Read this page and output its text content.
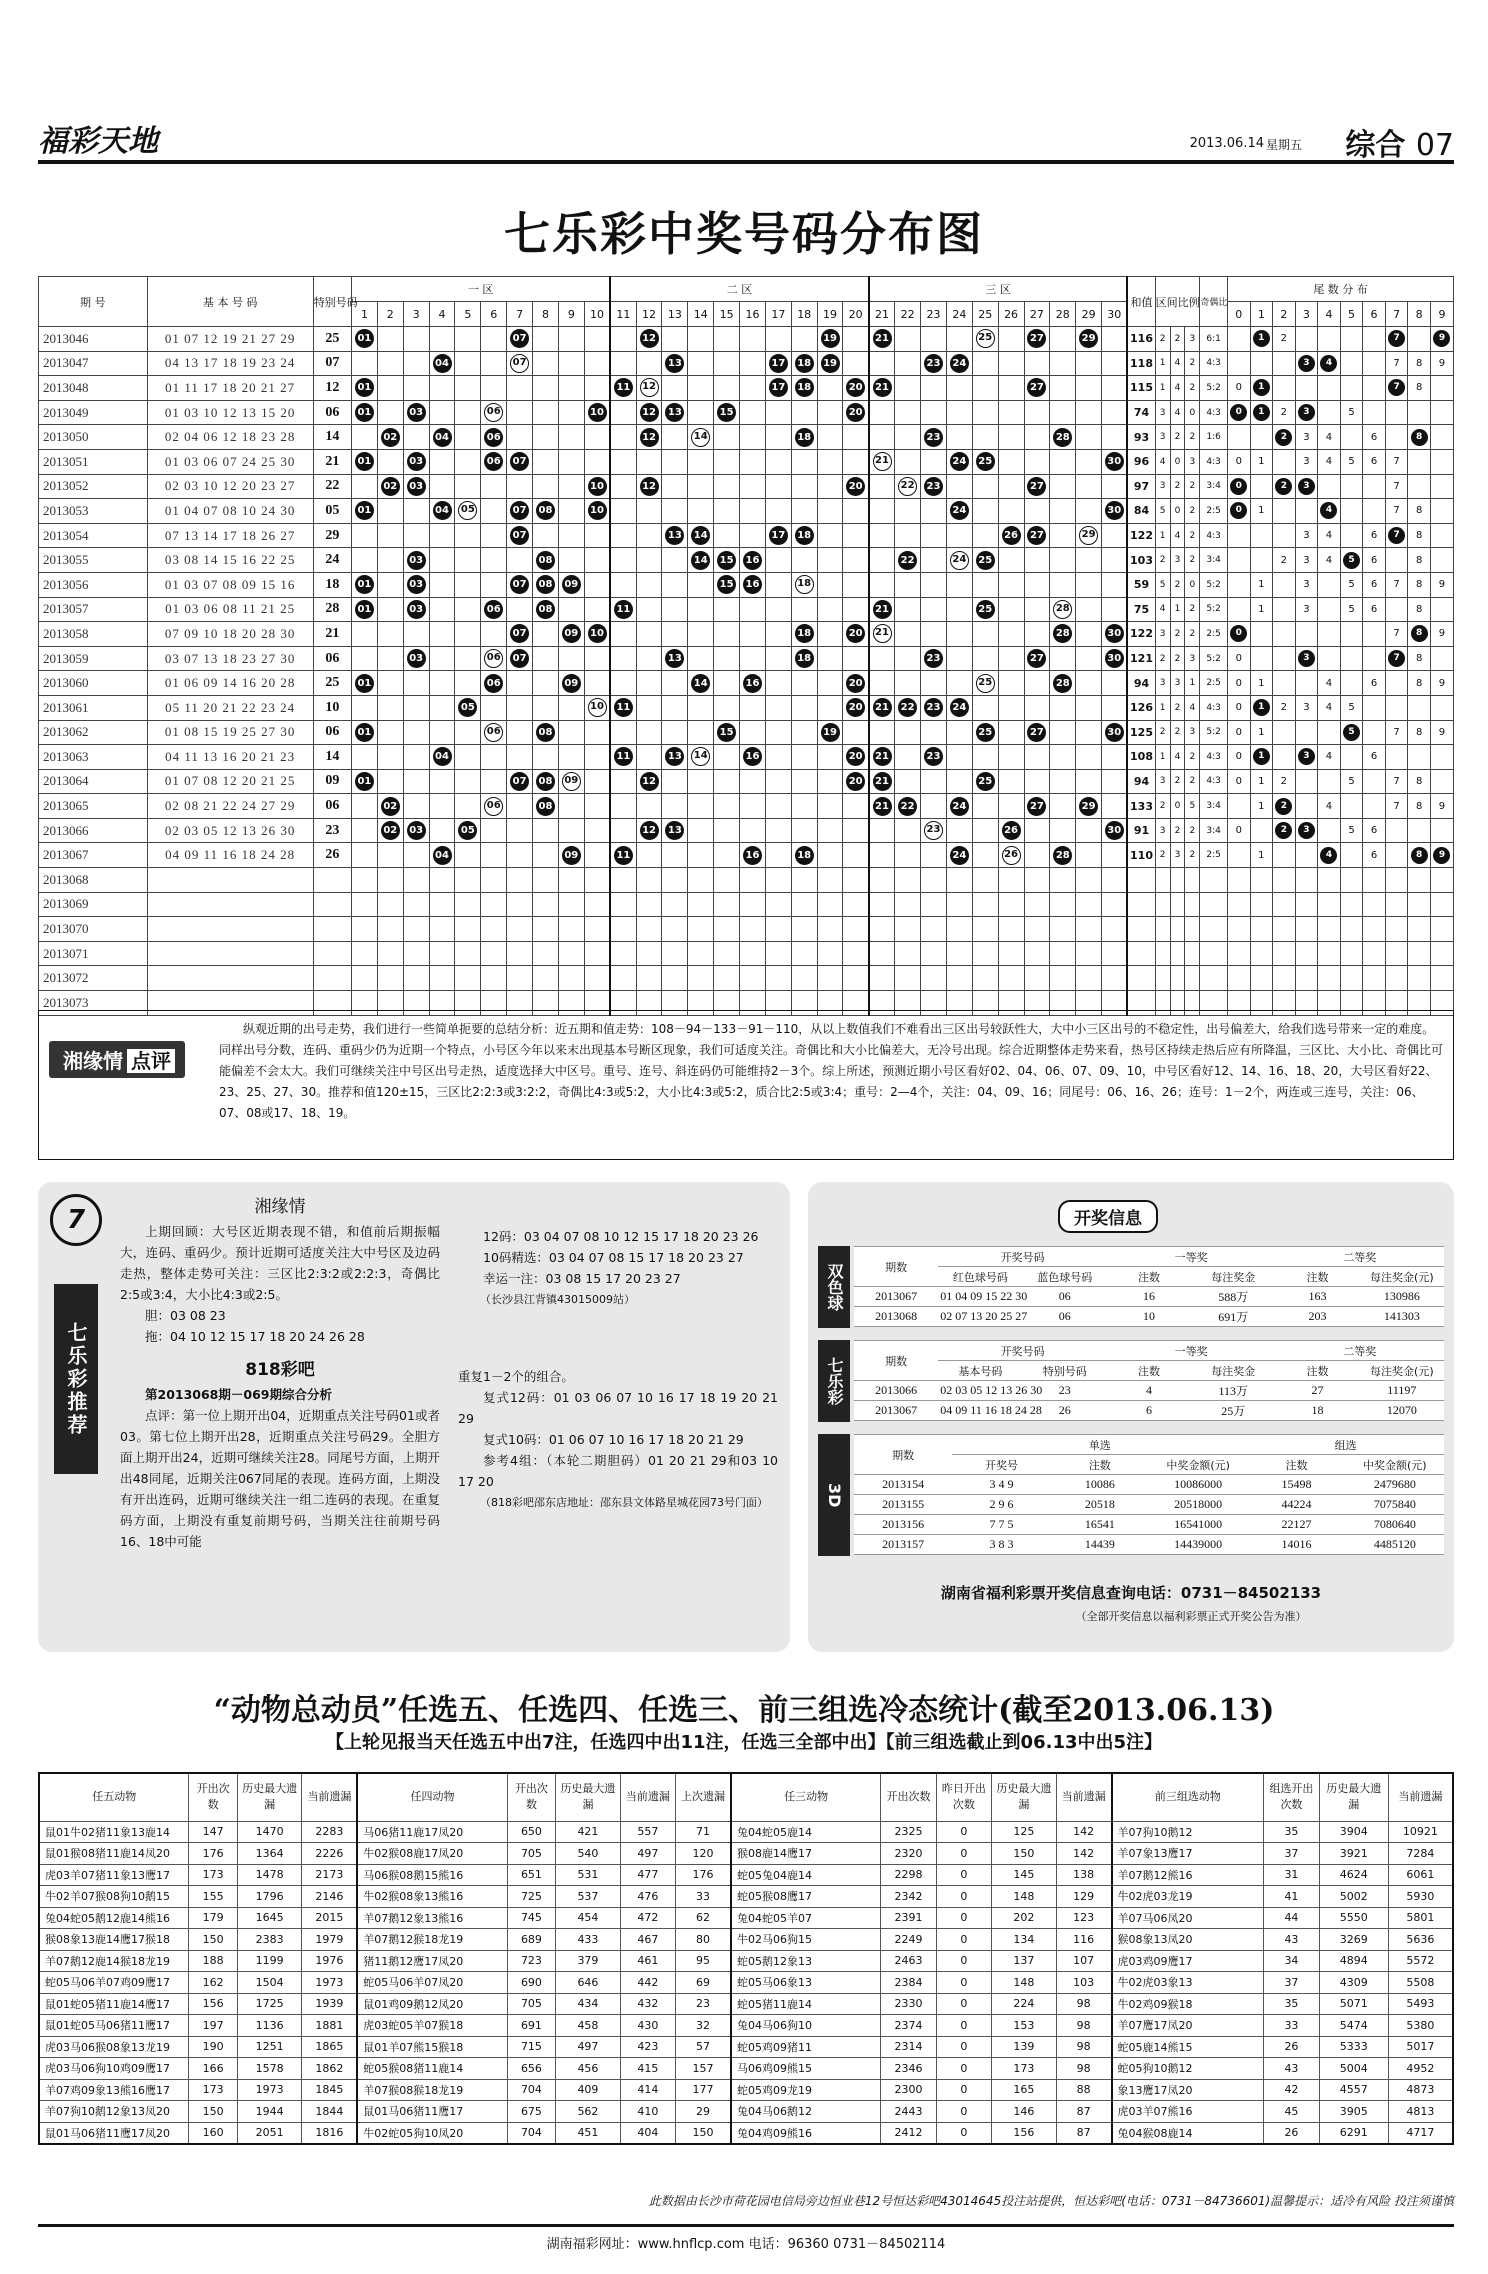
福彩天地	2013.06.14 星期五 综合 07
七乐彩中奖号码分布图
期 号	基 本 号 码	特别号码	一 区										二 区										三 区										和值	区间比例			奇偶比	尾 数 分 布									
			1	2	3	4	5	6	7	8	9	10	11	12	13	14	15	16	17	18	19	20	21	22	23	24	25	26	27	28	29	30						0	1	2	3	4	5	6	7	8	9
2013046	01 07 12 19 21 27 29	25	01						07					12							19		21				25		27		29		116	2	2	3	6:1		1	2					7		9
2013047	04 13 17 18 19 23 24	07				04			07						13				17	18	19				23	24							118	1	4	2	4:3				3	4			7	8	9
2013048	01 11 17 18 20 21 27	12	01										11	12					17	18		20	21						27				115	1	4	2	5:2	0	1						7	8	
2013049	01 03 10 12 13 15 20	06	01		03			06				10		12	13		15					20											74	3	4	0	4:3	0	1	2	3		5				
2013050	02 04 06 12 18 23 28	14		02		04		06						12		14				18					23					28			93	3	2	2	1:6			2	3	4		6		8	
2013051	01 03 06 07 24 25 30	21	01		03			06	07														21			24	25					30	96	4	0	3	4:3	0	1		3	4	5	6	7		
2013052	02 03 10 12 20 23 27	22		02	03							10		12								20		22	23				27				97	3	2	2	3:4	0		2	3				7		
2013053	01 04 07 08 10 24 30	05	01			04	05		07	08		10														24						30	84	5	0	2	2:5	0	1			4			7	8	
2013054	07 13 14 17 18 26 27	29							07						13	14			17	18								26	27		29		122	1	4	2	4:3				3	4		6	7	8	
2013055	03 08 14 15 16 22 25	24			03					08						14	15	16						22		24	25						103	2	3	2	3:4			2	3	4	5	6		8	
2013056	01 03 07 08 09 15 16	18	01		03				07	08	09						15	16		18													59	5	2	0	5:2		1		3		5	6	7	8	9
2013057	01 03 06 08 11 21 25	28	01		03			06		08			11										21				25			28			75	4	1	2	5:2		1		3		5	6		8	
2013058	07 09 10 18 20 28 30	21							07		09	10								18		20	21							28		30	122	3	2	2	2:5	0							7	8	9
2013059	03 07 13 18 23 27 30	06			03			06	07						13					18					23				27			30	121	2	2	3	5:2	0			3				7	8	
2013060	01 06 09 14 16 20 28	25	01					06			09					14		16				20					25			28			94	3	3	1	2:5	0	1			4		6		8	9
2013061	05 11 20 21 22 23 24	10					05					10	11									20	21	22	23	24							126	1	2	4	4:3	0	1	2	3	4	5				
2013062	01 08 15 19 25 27 30	06	01					06		08							15				19						25		27			30	125	2	2	3	5:2	0	1				5		7	8	9
2013063	04 11 13 16 20 21 23	14				04							11		13	14		16				20	21		23								108	1	4	2	4:3	0	1		3	4		6			
2013064	01 07 08 12 20 21 25	09	01						07	08	09			12								20	21				25						94	3	2	2	4:3	0	1	2			5		7	8	
2013065	02 08 21 22 24 27 29	06		02				06		08													21	22		24			27		29		133	2	0	5	3:4		1	2		4			7	8	9
2013066	02 03 05 12 13 26 30	23		02	03		05							12	13										23			26				30	91	3	2	2	3:4	0		2	3		5	6			
2013067	04 09 11 16 18 24 28	26				04					09		11					16		18						24		26		28			110	2	3	2	2:5		1			4		6		8	9
2013068																																															
2013069																																															
2013070																																															
2013071																																															
2013072																																															
2013073																																															
湘缘情 点评
纵观近期的出号走势，我们进行一些简单扼要的总结分析：近五期和值走势：108－94－133－91－110，从以上数值我们不难看出三区出号较跃性大，大中小三区出号的不稳定性，出号偏差大，给我们选号带来一定的难度。同样出号分数，连码、重码少仍为近期一个特点，小号区今年以来末出现基本号断区现象，我们可适度关注。奇偶比和大小比偏差大，无冷号出现。综合近期整体走势来看，热号区持续走热后应有所降温，三区比、大小比、奇偶比可能偏差不会太大。我们可继续关注中号区出号走热，适度选择大中区号。重号、连号、斜连码仍可能维持2－3个。综上所述，预测近期小号区看好02、04、06、07、09、10，中号区看好12、14、16、18、20，大号区看好22、23、25、27、30。推荐和值120±15，三区比2:2:3或3:2:2，奇偶比4:3或5:2，大小比4:3或5:2，质合比2:5或3:4；重号：2—4个，关注：04、09、16；同尾号：06、16、26；连号：1－2个，两连或三连号，关注：06、07、08或17、18、19。
7
七乐彩推荐
湘缘情
上期回顾：大号区近期表现不错，和值前后期振幅大，连码、重码少。预计近期可适度关注大中号区及边码走热，整体走势可关注：三区比2:3:2或2:2:3，奇偶比2:5或3:4，大小比4:3或2:5。
胆：03 08 23
拖：04 10 12 15 17 18 20 24 26 28
818彩吧
第2013068期－069期综合分析
点评：第一位上期开出04，近期重点关注号码01或者03。第七位上期开出28，近期重点关注号码29。全胆方面上期开出24，近期可继续关注28。同尾号方面，上期开出48同尾，近期关注067同尾的表现。连码方面，上期没有开出连码，近期可继续关注一组二连码的表现。在重复码方面，上期没有重复前期号码，当期关注往前期号码16、18中可能
12码：03 04 07 08 10 12 15 17 18 20 23 26
10码精选：03 04 07 08 15 17 18 20 23 27
幸运一注：03 08 15 17 20 23 27
（长沙县江背镇43015009站）
重复1－2个的组合。
复式12码：01 03 06 07 10 16 17 18 19 20 21 29
复式10码：01 06 07 10 16 17 18 20 21 29
参考4组：（本轮二期胆码）01 20 21 29和03 10 17 20
（818彩吧邵东店地址：邵东县文体路星城花园73号门面）
开奖信息
双色球	期数	开奖号码		一等奖		二等奖	
	红色球号码	蓝色球号码	注数	每注奖金	注数	每注奖金(元)
2013067	01 04 09 15 22 30	06	16	588万	163	130986
2013068	02 07 13 20 25 27	06	10	691万	203	141303
七乐彩	期数	开奖号码		一等奖		二等奖	
	基本号码	特别号码	注数	每注奖金	注数	每注奖金(元)
2013066	02 03 05 12 13 26 30	23	4	113万	27	11197
2013067	04 09 11 16 18 24 28	26	6	25万	18	12070
3D
期数	单选			组选	
	开奖号	注数	中奖金额(元)	注数	中奖金额(元)
2013154	3 4 9	10086	10086000	15498	2479680
2013155	2 9 6	20518	20518000	44224	7075840
2013156	7 7 5	16541	16541000	22127	7080640
2013157	3 8 3	14439	14439000	14016	4485120
湖南省福利彩票开奖信息查询电话：0731－84502133
（全部开奖信息以福利彩票正式开奖公告为准）
“动物总动员”任选五、任选四、任选三、前三组选冷态统计(截至2013.06.13)
【上轮见报当天任选五中出7注，任选四中出11注，任选三全部中出】【前三组选截止到06.13中出5注】
任五动物	开出次数	历史最大遗漏	当前遗漏	任四动物	开出次数	历史最大遗漏	当前遗漏	上次遗漏	任三动物	开出次数	昨日开出次数	历史最大遗漏	当前遗漏	前三组选动物	组选开出次数	历史最大遗漏	当前遗漏
鼠01牛02猪11象13鹿14	147	1470	2283	马06猪11鹿17凤20	650	421	557	71	兔04蛇05鹿14	2325	0	125	142	羊07狗10鹅12	35	3904	10921
鼠01猴08猪11鹿14凤20	176	1364	2226	牛02猴08鹿17凤20	705	540	497	120	猴08鹿14鹰17	2320	0	150	142	羊07象13鹰17	37	3921	7284
虎03羊07猪11象13鹰17	173	1478	2173	马06猴08鹅15熊16	651	531	477	176	蛇05兔04鹿14	2298	0	145	138	羊07鹅12熊16	31	4624	6061
牛02羊07猴08狗10鹅15	155	1796	2146	牛02猴08象13熊16	725	537	476	33	蛇05猴08鹰17	2342	0	148	129	牛02虎03龙19	41	5002	5930
兔04蛇05鹅12鹿14熊16	179	1645	2015	羊07鹅12象13熊16	745	454	472	62	兔04蛇05羊07	2391	0	202	123	羊07马06凤20	44	5550	5801
猴08象13鹿14鹰17猴18	150	2383	1979	羊07鹅12猴18龙19	689	433	467	80	牛02马06狗15	2249	0	134	116	猴08象13凤20	43	3269	5636
羊07鹅12鹿14猴18龙19	188	1199	1976	猪11鹅12鹰17凤20	723	379	461	95	蛇05鹅12象13	2463	0	137	107	虎03鸡09鹰17	34	4894	5572
蛇05马06羊07鸡09鹰17	162	1504	1973	蛇05马06羊07凤20	690	646	442	69	蛇05马06象13	2384	0	148	103	牛02虎03象13	37	4309	5508
鼠01蛇05猪11鹿14鹰17	156	1725	1939	鼠01鸡09鹅12凤20	705	434	432	23	蛇05猪11鹿14	2330	0	224	98	牛02鸡09猴18	35	5071	5493
鼠01蛇05马06猪11鹰17	197	1136	1881	虎03蛇05羊07猴18	691	458	430	32	兔04马06狗10	2374	0	153	98	羊07鹰17凤20	33	5474	5380
虎03马06猴08象13龙19	190	1251	1865	鼠01羊07熊15猴18	715	497	423	57	蛇05鸡09猪11	2314	0	139	98	蛇05鹿14熊15	26	5333	5017
虎03马06狗10鸡09鹰17	166	1578	1862	蛇05猴08猪11鹿14	656	456	415	157	马06鸡09熊15	2346	0	173	98	蛇05狗10鹅12	43	5004	4952
羊07鸡09象13熊16鹰17	173	1973	1845	羊07猴08猴18龙19	704	409	414	177	蛇05鸡09龙19	2300	0	165	88	象13鹰17凤20	42	4557	4873
羊07狗10鹅12象13凤20	150	1944	1844	鼠01马06猪11鹰17	675	562	410	29	兔04马06鹅12	2443	0	146	87	虎03羊07熊16	45	3905	4813
鼠01马06猪11鹰17凤20	160	2051	1816	牛02蛇05狗10凤20	704	451	404	150	兔04鸡09熊16	2412	0	156	87	兔04猴08鹿14	26	6291	4717
此数据由长沙市荷花园电信局旁边恒业巷12号恒达彩吧43014645投注站提供，恒达彩吧(电话：0731－84736601)温馨提示：适冷有风险 投注须谨慎
湖南福彩网址：www.hnflcp.com 电话：96360 0731－84502114
